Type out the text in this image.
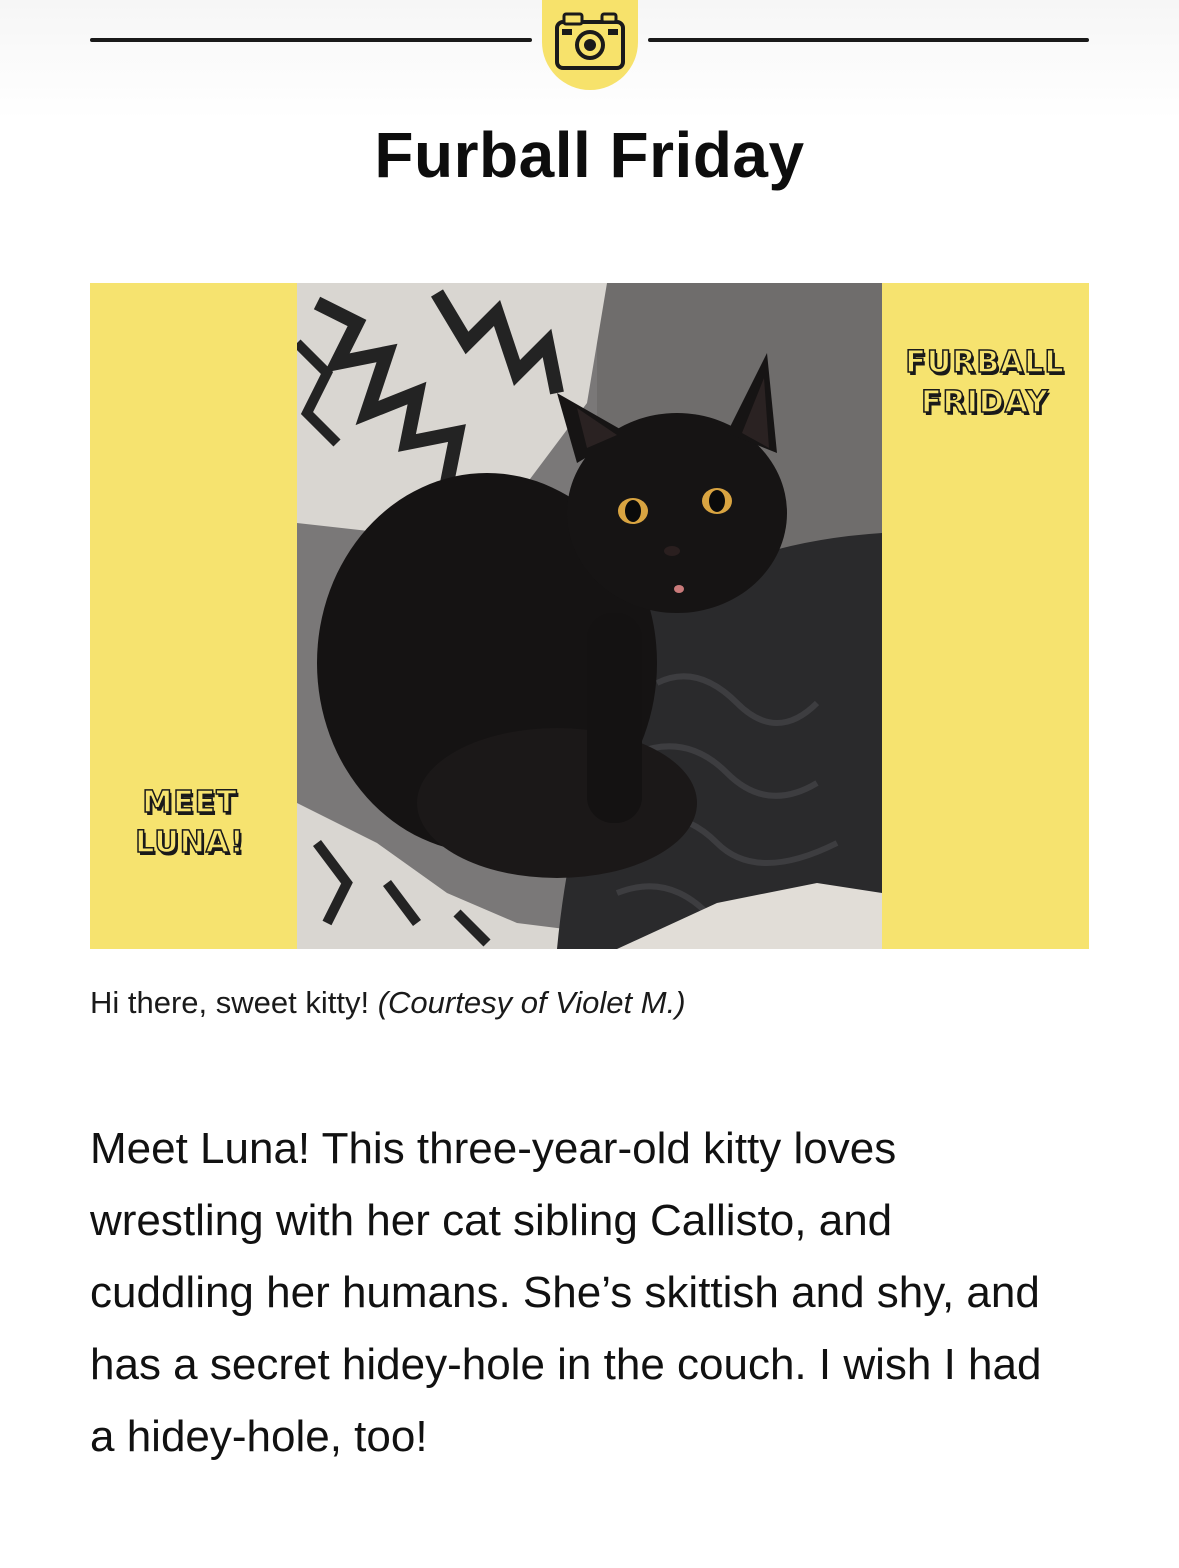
Furball Friday
FURBALL
FRIDAY
MEET
LUNA!
Hi there, sweet kitty! (Courtesy of Violet M.)

Meet Luna! This three-year-old kitty loves wrestling with her cat sibling Callisto, and cuddling her humans. She’s skittish and shy, and has a secret hidey-hole in the couch. I wish I had a hidey-hole, too!
